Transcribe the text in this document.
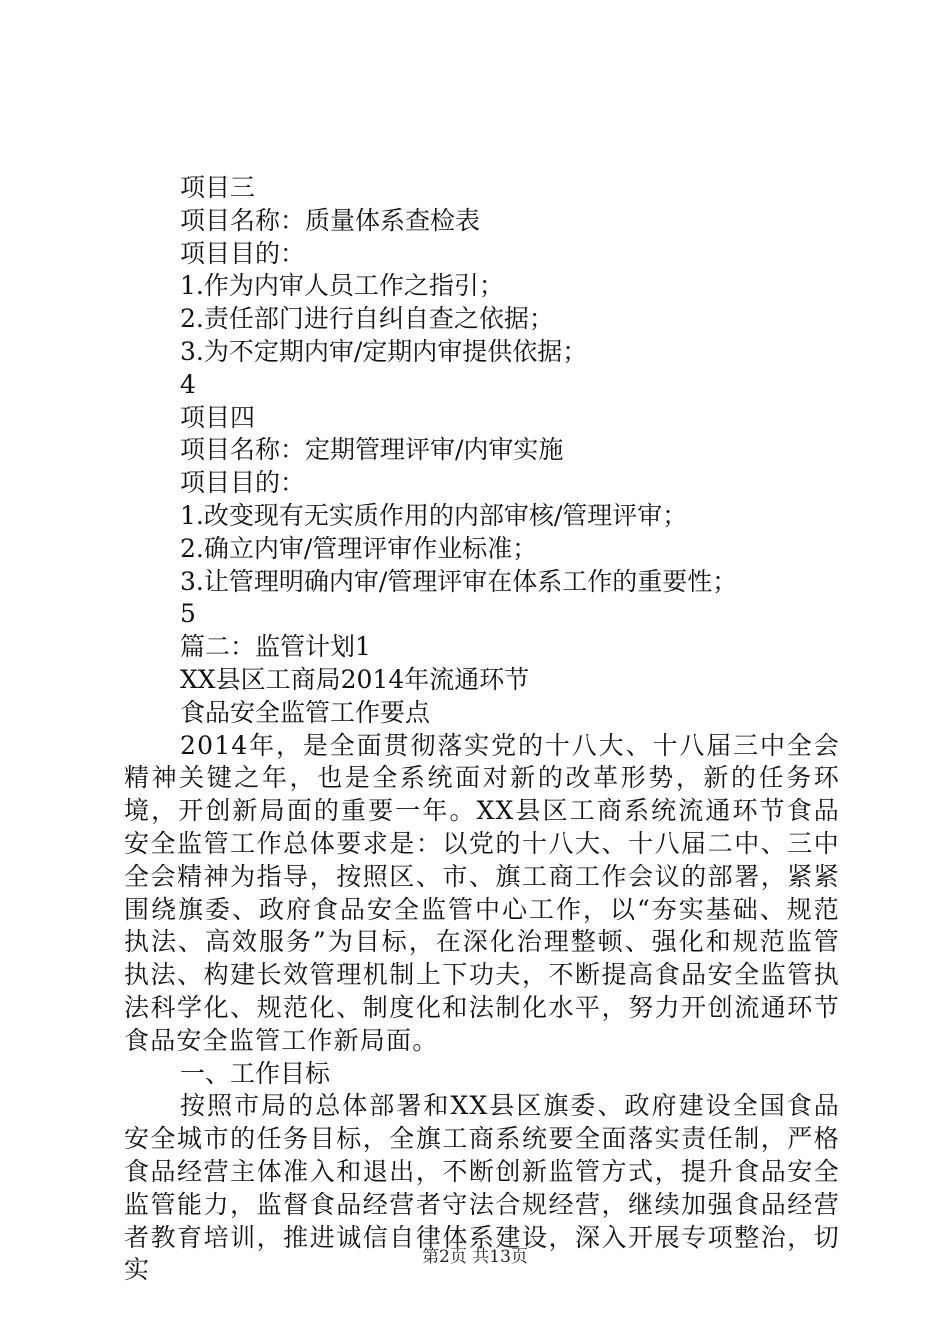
项目三

项目名称：质量体系查检表

项目目的：

1.作为内审人员工作之指引；

2.责任部门进行自纠自查之依据；

3.为不定期内审/定期内审提供依据；

4

项目四

项目名称：定期管理评审/内审实施

项目目的：

1.改变现有无实质作用的内部审核/管理评审；

2.确立内审/管理评审作业标准；

3.让管理明确内审/管理评审在体系工作的重要性；

5

篇二：监管计划1

XX县区工商局2014年流通环节

食品安全监管工作要点

2014年，是全面贯彻落实党的十八大、十八届三中全会精神关键之年，也是全系统面对新的改革形势，新的任务环境，开创新局面的重要一年。XX县区工商系统流通环节食品安全监管工作总体要求是：以党的十八大、十八届二中、三中全会精神为指导，按照区、市、旗工商工作会议的部署，紧紧围绕旗委、政府食品安全监管中心工作，以“夯实基础、规范执法、高效服务”为目标，在深化治理整顿、强化和规范监管执法、构建长效管理机制上下功夫，不断提高食品安全监管执法科学化、规范化、制度化和法制化水平，努力开创流通环节食品安全监管工作新局面。

一、工作目标

按照市局的总体部署和XX县区旗委、政府建设全国食品安全城市的任务目标，全旗工商系统要全面落实责任制，严格食品经营主体准入和退出，不断创新监管方式，提升食品安全监管能力，监督食品经营者守法合规经营，继续加强食品经营者教育培训，推进诚信自律体系建设，深入开展专项整治，切实	第2页 共13页
